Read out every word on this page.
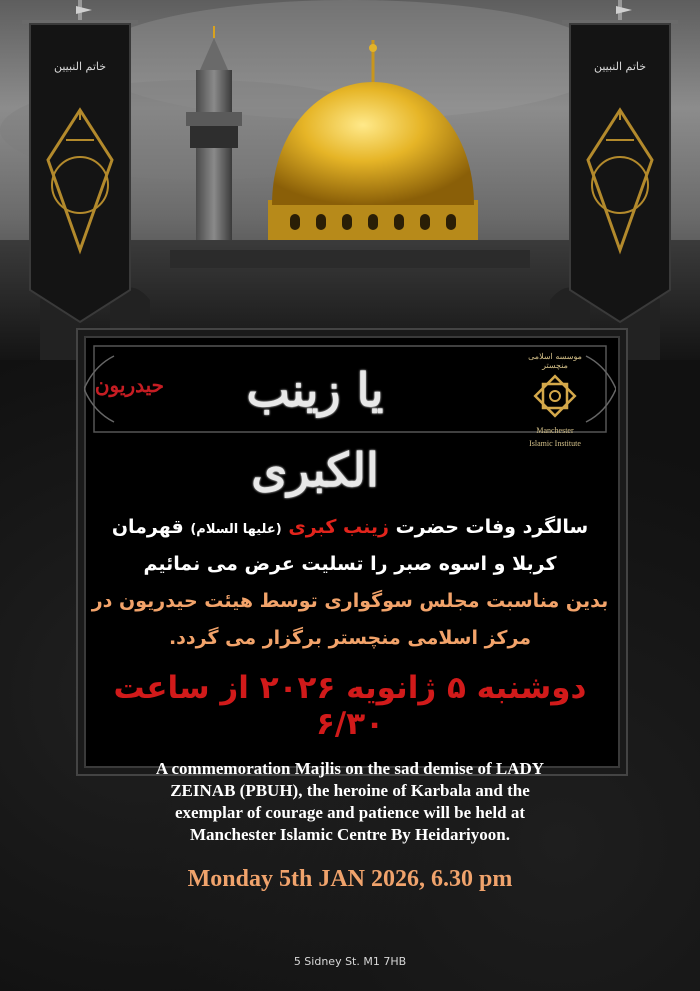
خاتم النبیین	خاتم النبیین
حیدریون	یا زینب الکبری
موسسه اسلامی منچستر
Manchester
Islamic Institute
سالگرد وفات حضرت زینب کبری (علیها السلام) قهرمان
کربلا و اسوه صبر را تسلیت عرض می نمائیم
بدین مناسبت مجلس سوگواری توسط هیئت حیدریون در
مرکز اسلامی منچستر برگزار می گردد.
دوشنبه ۵ ژانویه ۲۰۲۶ از ساعت ۶/۳۰
A commemoration Majlis on the sad demise of LADY
ZEINAB (PBUH), the heroine of Karbala and the
exemplar of courage and patience will be held at
Manchester Islamic Centre By Heidariyoon.
Monday 5th JAN 2026, 6.30 pm
5 Sidney St. M1 7HB
